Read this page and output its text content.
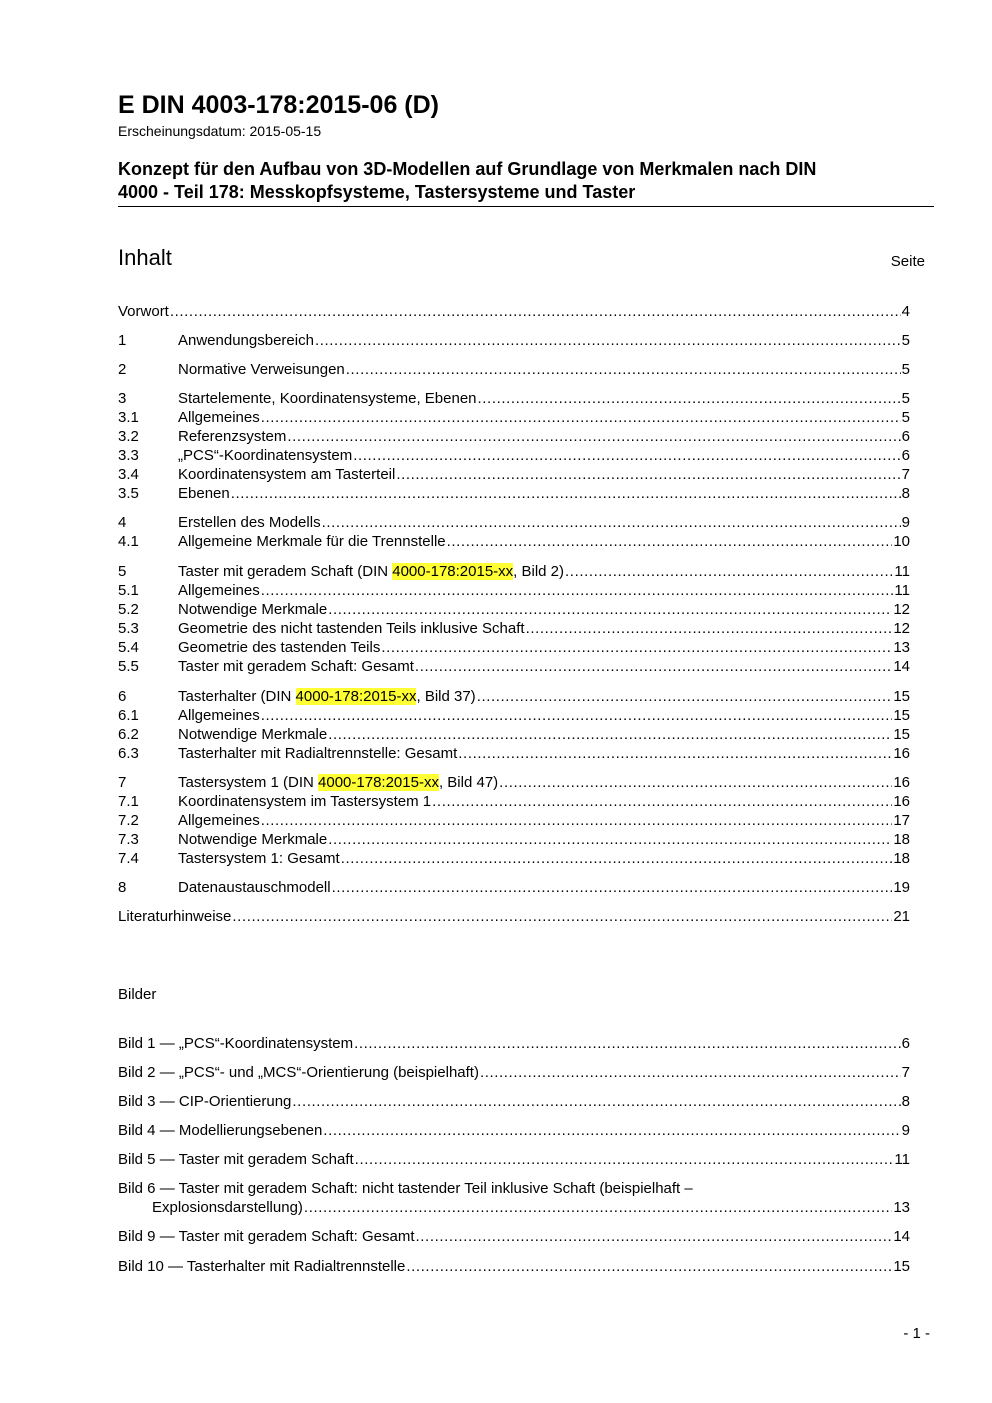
E DIN 4003-178:2015-06 (D)
Erscheinungsdatum: 2015-05-15
Konzept für den Aufbau von 3D-Modellen auf Grundlage von Merkmalen nach DIN
4000 - Teil 178: Messkopfsysteme, Tastersysteme und Taster
Inhalt	Seite
Vorwort .....	4
1	Anwendungsbereich .....	5
2	Normative Verweisungen .....	5
3	Startelemente, Koordinatensysteme, Ebenen .....	5
3.1	Allgemeines .....	5
3.2	Referenzsystem .....	6
3.3	„PCS“-Koordinatensystem .....	6
3.4	Koordinatensystem am Tasterteil .....	7
3.5	Ebenen .....	8
4	Erstellen des Modells .....	9
4.1	Allgemeine Merkmale für die Trennstelle .....	10
5	Taster mit geradem Schaft (DIN 4000-178:2015-xx, Bild 2) .....	11
5.1	Allgemeines .....	11
5.2	Notwendige Merkmale .....	12
5.3	Geometrie des nicht tastenden Teils inklusive Schaft .....	12
5.4	Geometrie des tastenden Teils .....	13
5.5	Taster mit geradem Schaft: Gesamt .....	14
6	Tasterhalter (DIN 4000-178:2015-xx, Bild 37) .....	15
6.1	Allgemeines .....	15
6.2	Notwendige Merkmale .....	15
6.3	Tasterhalter mit Radialtrennstelle: Gesamt .....	16
7	Tastersystem 1 (DIN 4000-178:2015-xx, Bild 47) .....	16
7.1	Koordinatensystem im Tastersystem 1 .....	16
7.2	Allgemeines .....	17
7.3	Notwendige Merkmale .....	18
7.4	Tastersystem 1: Gesamt .....	18
8	Datenaustauschmodell .....	19
Literaturhinweise .....	21
Bilder
Bild 1 — „PCS“-Koordinatensystem .....	6
Bild 2 — „PCS“- und „MCS“-Orientierung (beispielhaft) .....	7
Bild 3 — CIP-Orientierung .....	8
Bild 4 — Modellierungsebenen .....	9
Bild 5 — Taster mit geradem Schaft .....	11
Bild 6 — Taster mit geradem Schaft: nicht tastender Teil inklusive Schaft (beispielhaft –
Explosionsdarstellung) .....	13
Bild 9 — Taster mit geradem Schaft: Gesamt .....	14
Bild 10 — Tasterhalter mit Radialtrennstelle .....	15
- 1 -
